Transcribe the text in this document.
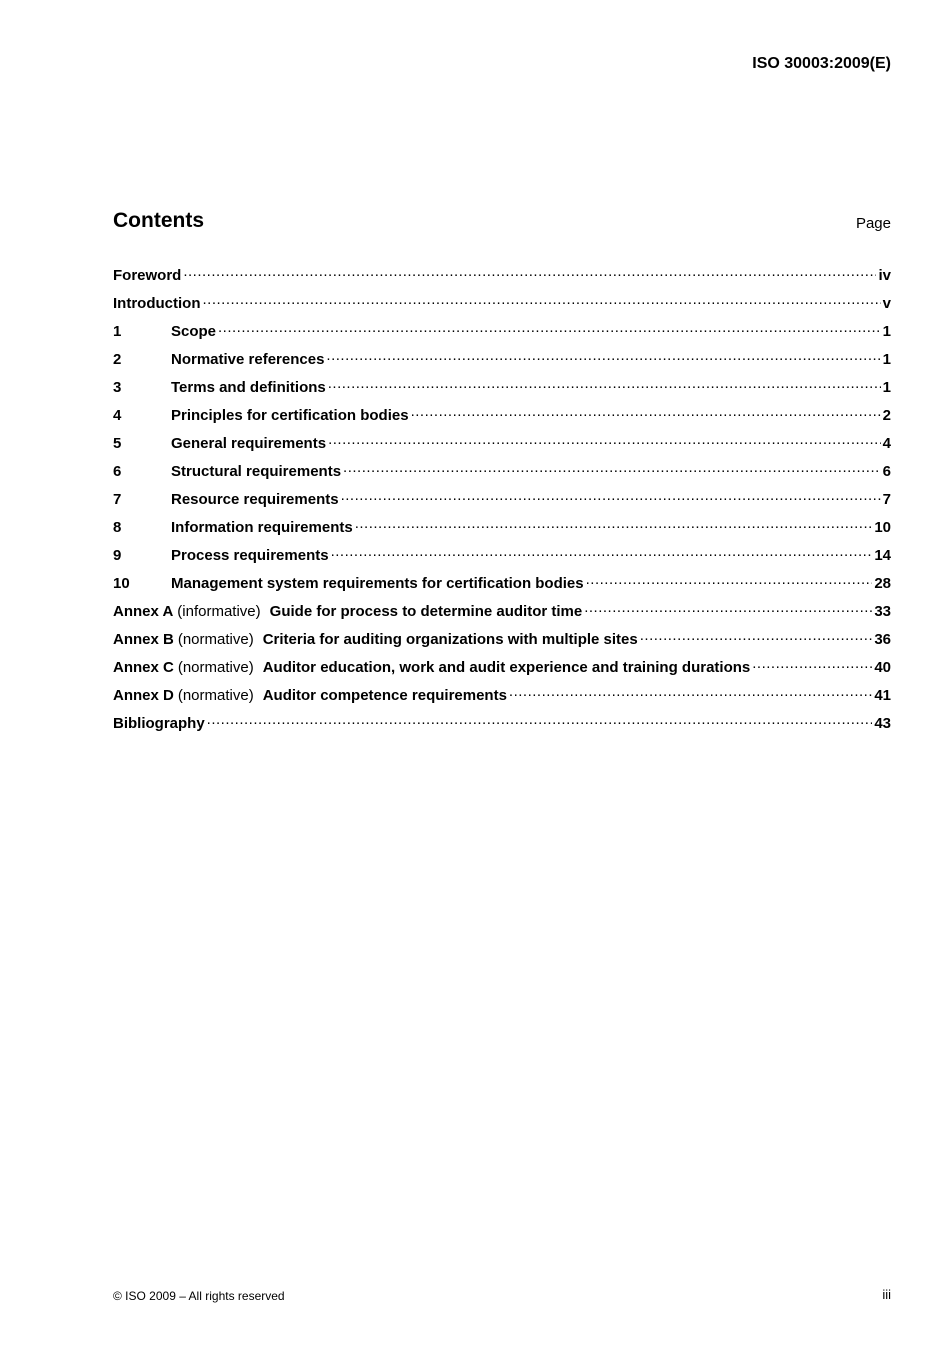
ISO 30003:2009(E)
Contents	Page
Foreword .....	iv
Introduction .....	v
1	Scope .....	1
2	Normative references .....	1
3	Terms and definitions .....	1
4	Principles for certification bodies .....	2
5	General requirements .....	4
6	Structural requirements .....	6
7	Resource requirements .....	7
8	Information requirements .....	10
9	Process requirements .....	14
10	Management system requirements for certification bodies .....	28
Annex A (informative) Guide for process to determine auditor time .....	33
Annex B (normative) Criteria for auditing organizations with multiple sites .....	36
Annex C (normative) Auditor education, work and audit experience and training durations .....	40
Annex D (normative) Auditor competence requirements .....	41
Bibliography .....	43
© ISO 2009 – All rights reserved	iii
